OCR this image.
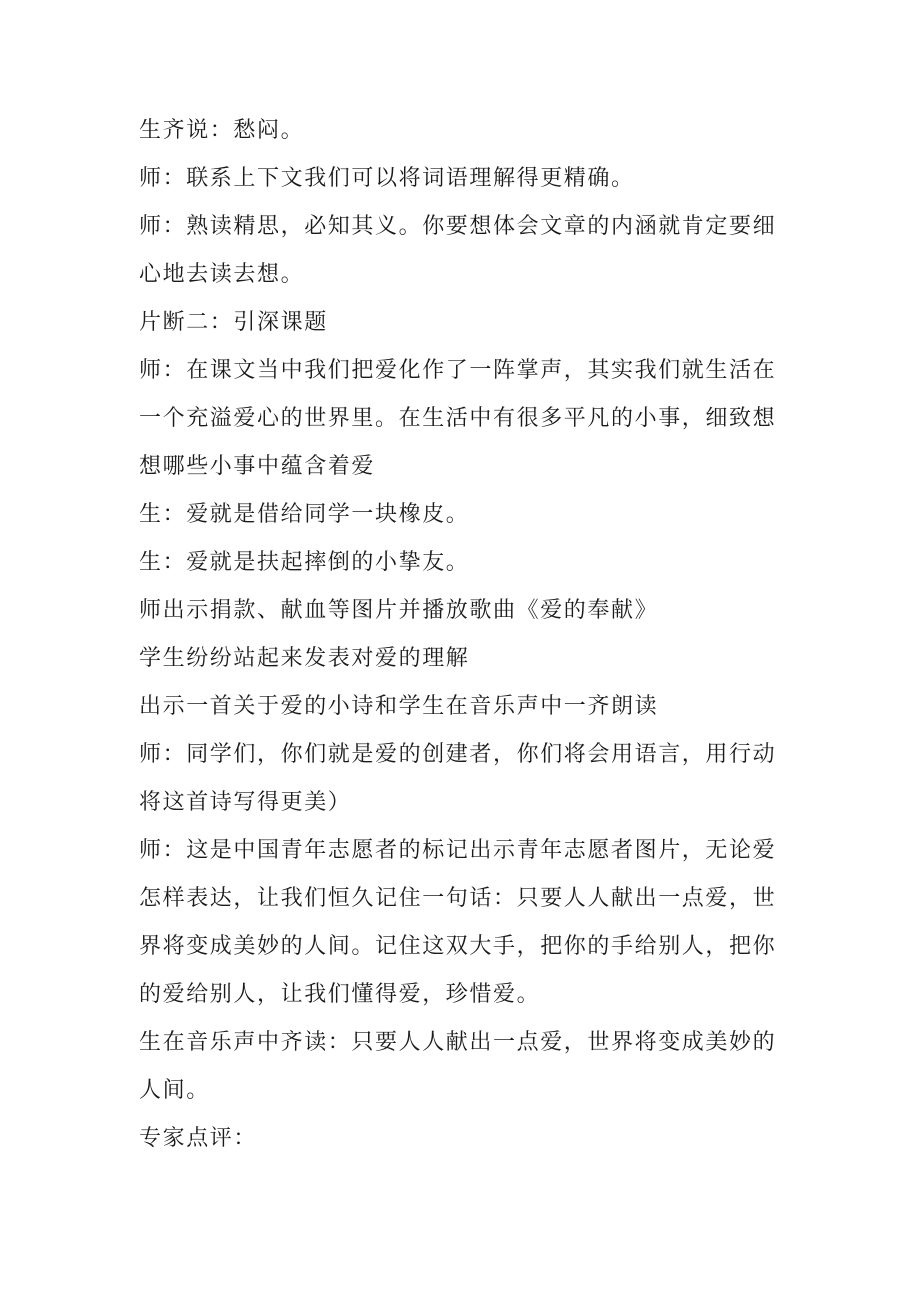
生齐说：愁闷。

师：联系上下文我们可以将词语理解得更精确。

师：熟读精思，必知其义。你要想体会文章的内涵就肯定要细心地去读去想。

片断二：引深课题

师：在课文当中我们把爱化作了一阵掌声，其实我们就生活在一个充溢爱心的世界里。在生活中有很多平凡的小事，细致想想哪些小事中蕴含着爱

生：爱就是借给同学一块橡皮。

生：爱就是扶起摔倒的小挚友。

师出示捐款、献血等图片并播放歌曲《爱的奉献》

学生纷纷站起来发表对爱的理解

出示一首关于爱的小诗和学生在音乐声中一齐朗读

师：同学们，你们就是爱的创建者，你们将会用语言，用行动将这首诗写得更美）

师：这是中国青年志愿者的标记出示青年志愿者图片，无论爱怎样表达，让我们恒久记住一句话：只要人人献出一点爱，世界将变成美妙的人间。记住这双大手，把你的手给别人，把你的爱给别人，让我们懂得爱，珍惜爱。

生在音乐声中齐读：只要人人献出一点爱，世界将变成美妙的人间。

专家点评：
